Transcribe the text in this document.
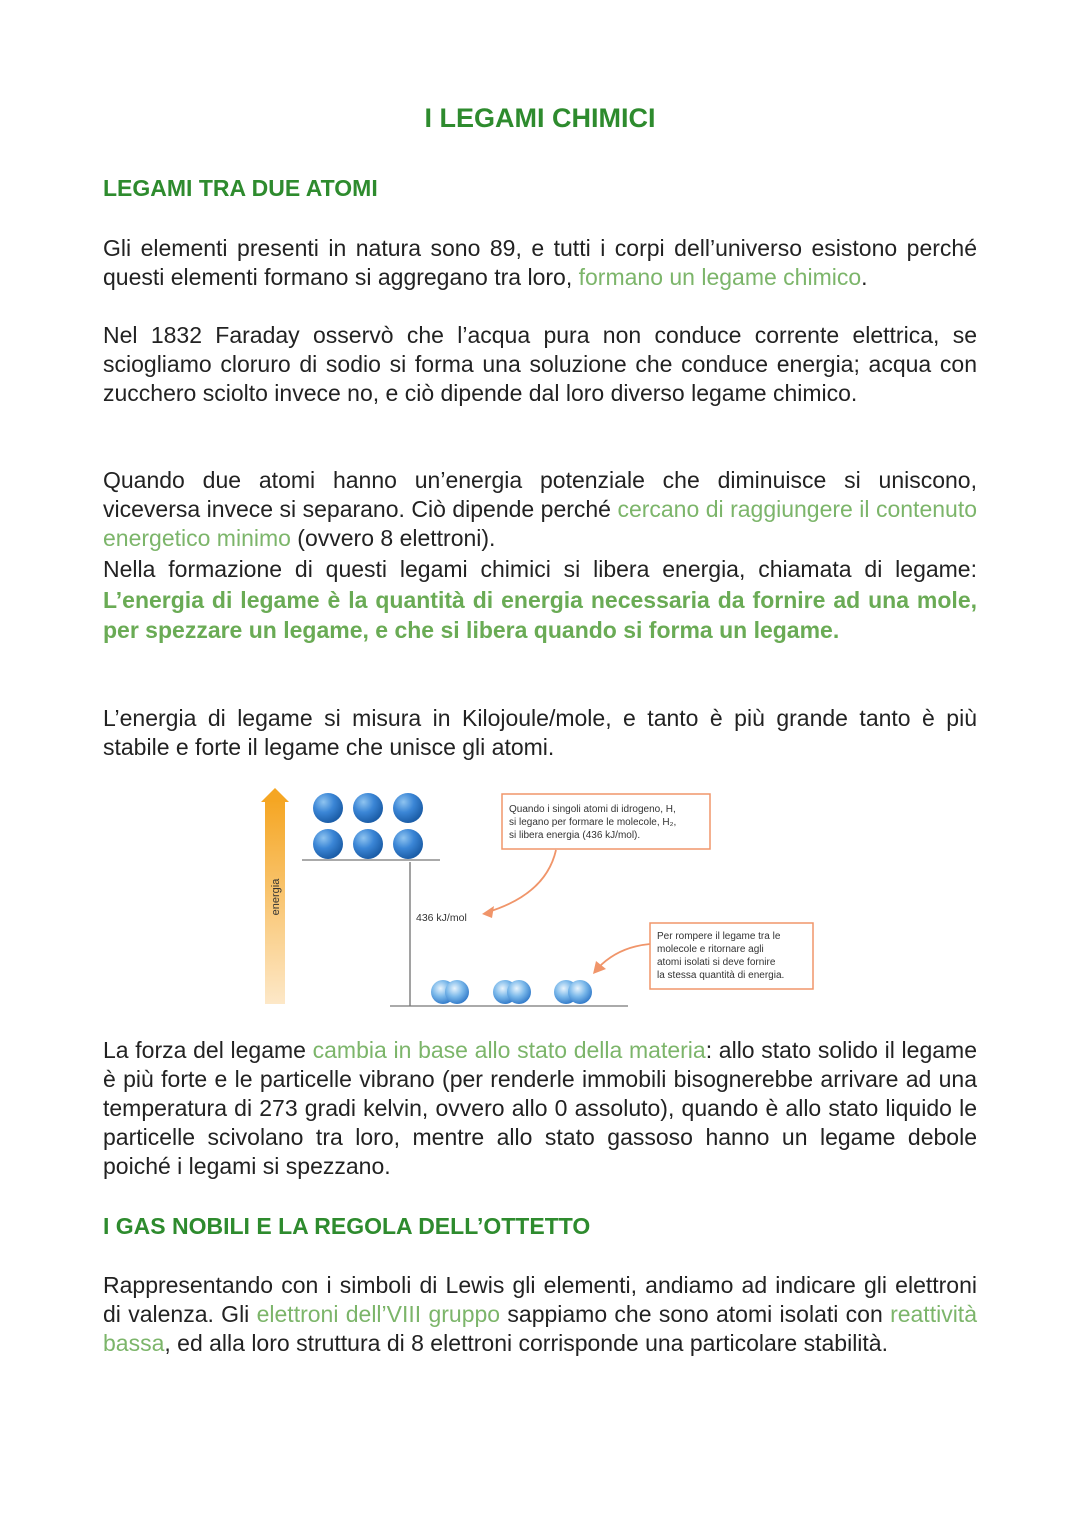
I LEGAMI CHIMICI
LEGAMI TRA DUE ATOMI

Gli elementi presenti in natura sono 89, e tutti i corpi dell’universo esistono perché questi elementi formano si aggregano tra loro, formano un legame chimico.

Nel 1832 Faraday osservò che l’acqua pura non conduce corrente elettrica, se sciogliamo cloruro di sodio si forma una soluzione che conduce energia; acqua con zucchero sciolto invece no, e ciò dipende dal loro diverso legame chimico.

Quando due atomi hanno un’energia potenziale che diminuisce si uniscono, viceversa invece si separano. Ciò dipende perché cercano di raggiungere il contenuto energetico minimo (ovvero 8 elettroni).

Nella formazione di questi legami chimici si libera energia, chiamata di legame: L’energia di legame è la quantità di energia necessaria da fornire ad una mole, per spezzare un legame, e che si libera quando si forma un legame.

L’energia di legame si misura in Kilojoule/mole, e tanto è più grande tanto è più stabile e forte il legame che unisce gli atomi.

energia
436 kJ/mol
Quando i singoli atomi di idrogeno, H,
si legano per formare le molecole, H₂,
si libera energia (436 kJ/mol).
Per rompere il legame tra le
molecole e ritornare agli
atomi isolati si deve fornire
la stessa quantità di energia.

La forza del legame cambia in base allo stato della materia: allo stato solido il legame è più forte e le particelle vibrano (per renderle immobili bisognerebbe arrivare ad una temperatura di 273 gradi kelvin, ovvero allo 0 assoluto), quando è allo stato liquido le particelle scivolano tra loro, mentre allo stato gassoso hanno un legame debole poiché i legami si spezzano.

I GAS NOBILI E LA REGOLA DELL’OTTETTO

Rappresentando con i simboli di Lewis gli elementi, andiamo ad indicare gli elettroni di valenza. Gli elettroni dell’VIII gruppo sappiamo che sono atomi isolati con reattività bassa, ed alla loro struttura di 8 elettroni corrisponde una particolare stabilità.
